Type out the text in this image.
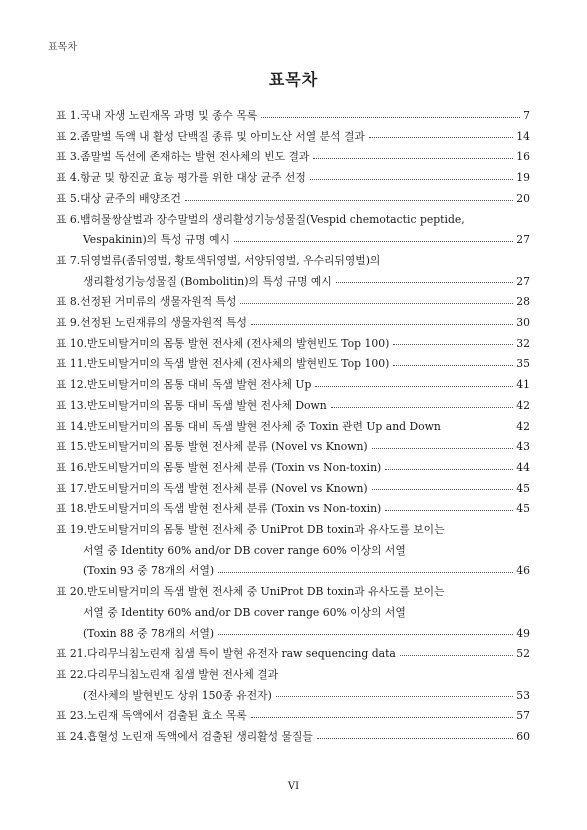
표목차
표목차
표 1. 국내 자생 노린재목 과명 및 종수 목록	7
표 2. 좀말벌 독액 내 활성 단백질 종류 및 아미노산 서열 분석 결과	14
표 3. 좀말벌 독선에 존재하는 발현 전사체의 빈도 결과	16
표 4. 항균 및 항진균 효능 평가를 위한 대상 균주 선정	19
표 5. 대상 균주의 배양조건	20
표 6. 뱀허물쌍살벌과 장수말벌의 생리활성기능성물질(Vespid chemotactic peptide,
Vespakinin)의 특성 규명 예시	27
표 7. 뒤영벌류(좀뒤영벌, 황토색뒤영벌, 서양뒤영벌, 우수리뒤영벌)의
생리활성기능성물질 (Bombolitin)의 특성 규명 예시	27
표 8. 선정된 거미류의 생물자원적 특성	28
표 9. 선정된 노린재류의 생물자원적 특성	30
표 10. 반도비탈거미의 몸통 발현 전사체 (전사체의 발현빈도 Top 100)	32
표 11. 반도비탈거미의 독샘 발현 전사체 (전사체의 발현빈도 Top 100)	35
표 12. 반도비탈거미의 몸통 대비 독샘 발현 전사체 Up	41
표 13. 반도비탈거미의 몸통 대비 독샘 발현 전사체 Down	42
표 14. 반도비탈거미의 몸통 대비 독샘 발현 전사체 중 Toxin 관련 Up and Down	42
표 15. 반도비탈거미의 몸통 발현 전사체 분류 (Novel vs Known)	43
표 16. 반도비탈거미의 몸통 발현 전사체 분류 (Toxin vs Non-toxin)	44
표 17. 반도비탈거미의 독샘 발현 전사체 분류 (Novel vs Known)	45
표 18. 반도비탈거미의 독샘 발현 전사체 분류 (Toxin vs Non-toxin)	45
표 19. 반도비탈거미의 몸통 발현 전사체 중 UniProt DB toxin과 유사도를 보이는
서열 중 Identity 60% and/or DB cover range 60% 이상의 서열
(Toxin 93 중 78개의 서열)	46
표 20. 반도비탈거미의 독샘 발현 전사체 중 UniProt DB toxin과 유사도를 보이는
서열 중 Identity 60% and/or DB cover range 60% 이상의 서열
(Toxin 88 중 78개의 서열)	49
표 21. 다리무늬침노린재 침샘 특이 발현 유전자 raw sequencing data	52
표 22. 다리무늬침노린재 침샘 발현 전사체 결과
(전사체의 발현빈도 상위 150종 유전자)	53
표 23. 노린재 독액에서 검출된 효소 목록	57
표 24. 흡혈성 노린재 독액에서 검출된 생리활성 물질들	60
VI
